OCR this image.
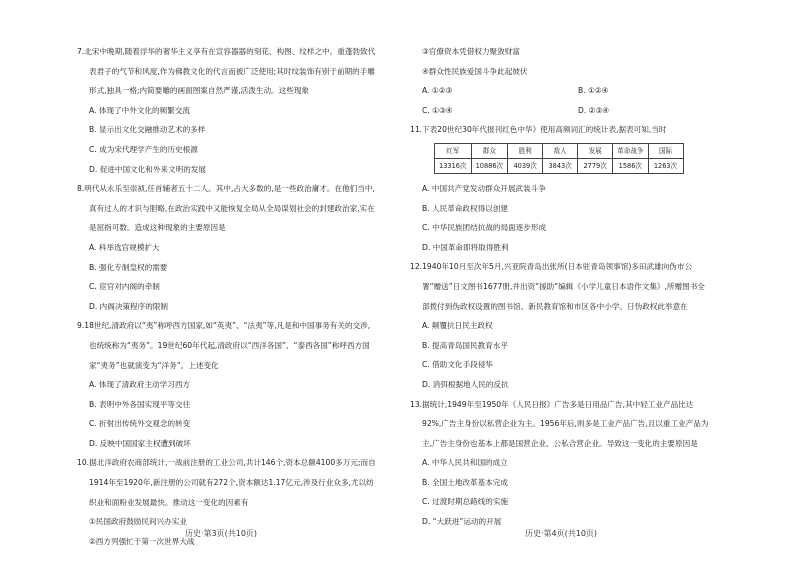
7.北宋中晚期,随着浮华的奢华主义享有在宣容器器的刻花、构图、纹样之中。重蓬勃致代表君子的气节和风度,作为佛教文化的代言而被广泛使用;其时纹装饰有别于前期的手雕形式,独具一格;内简要雕的画面图案自然严谨,活泼生动。这些现象
A. 体现了中外文化的频繁交流
B. 显示出文化交融推动艺术的多样
C. 成为宋代理学产生的历史根源
D. 促进中国文化和外来文明的发展
8.明代从永乐至崇祯,任首辅者五十二人。其中,占大多数的,是一些政治庸才。在他们当中,真有过人的才识与胆略,在政治实践中又能恢复全局从全局谋划社会的封建政治家,实在是屈指可数。造成这种现象的主要原因是
A. 科举选官规模扩大
B. 强化专制皇权的需要
C. 宦官对内阁的牵制
D. 内阁决策程序的限制
9.18世纪,清政府以“夷”称呼西方国家,如“英夷”、“法夷”等,凡是和中国事务有关的交涉,也统统称为“夷务”。19世纪60年代起,清政府以“西洋各国”、“泰西各国”称呼西方国家“夷务”也就演变为“洋务”。上述变化
A. 体现了清政府主动学习西方
B. 表明中外各国实现平等交往
C. 折射出传统外交观念的转变
D. 反映中国国家主权遭到破坏
10.据北洋政府农商部统计,一战前注册的工业公司,共计146个,资本总额4100多万元;而自1914年至1920年,新注册的公司就有272个,资本额达1.17亿元,涉及行业众多,尤以纺织业和面粉业发展最快。推动这一变化的因素有
①民国政府鼓励民间兴办实业
②西方列强忙于第一次世界大战
历史·第3页(共10页)
③官僚资本凭借权力聚敛财富
④群众性民族爱国斗争此起彼伏
A. ①②③	B. ①②④
C. ①③④	D. ②③④
11.下表20世纪30年代报刊红色中华》使用高频词汇的统计表,据表可知,当时
红军	群众	胜利	敌人	发展	革命战争	国际
13316次	10886次	4039次	3843次	2779次	1586次	1263次
A. 中国共产党发动群众开展武装斗争
B. 人民革命政权得以创建
C. 中华民族团结抗战的局面逐步形成
D. 中国革命即将取得胜利
12.1940年10月至次年5月,兴亚院青岛出张所(日本驻青岛领事馆)多田武雄向伪市公署“赠送”日文图书1677册,并出资“援助”编辑《小学儿童日本语作文集》,所赠图书全部拨付到伪政权设置的图书馆、新民教育馆和市区各中小学。日伪政权此举意在
A. 颠覆抗日民主政权
B. 提高青岛国民教育水平
C. 借助文化手段侵华
D. 消弭根据地人民的反抗
13.据统计,1949年至1950年《人民日报》广告多是日用品广告,其中轻工业产品比达92%,广告主身份以私营企业为主。1956年后,则多是工业产品广告,且以重工业产品为主,广告主身份也基本上都是国营企业、公私合营企业。导致这一变化的主要原因是
A. 中华人民共和国的成立
B. 全国土地改革基本完成
C. 过渡时期总路线的实施
D. “大跃进”运动的开展
历史·第4页(共10页)
